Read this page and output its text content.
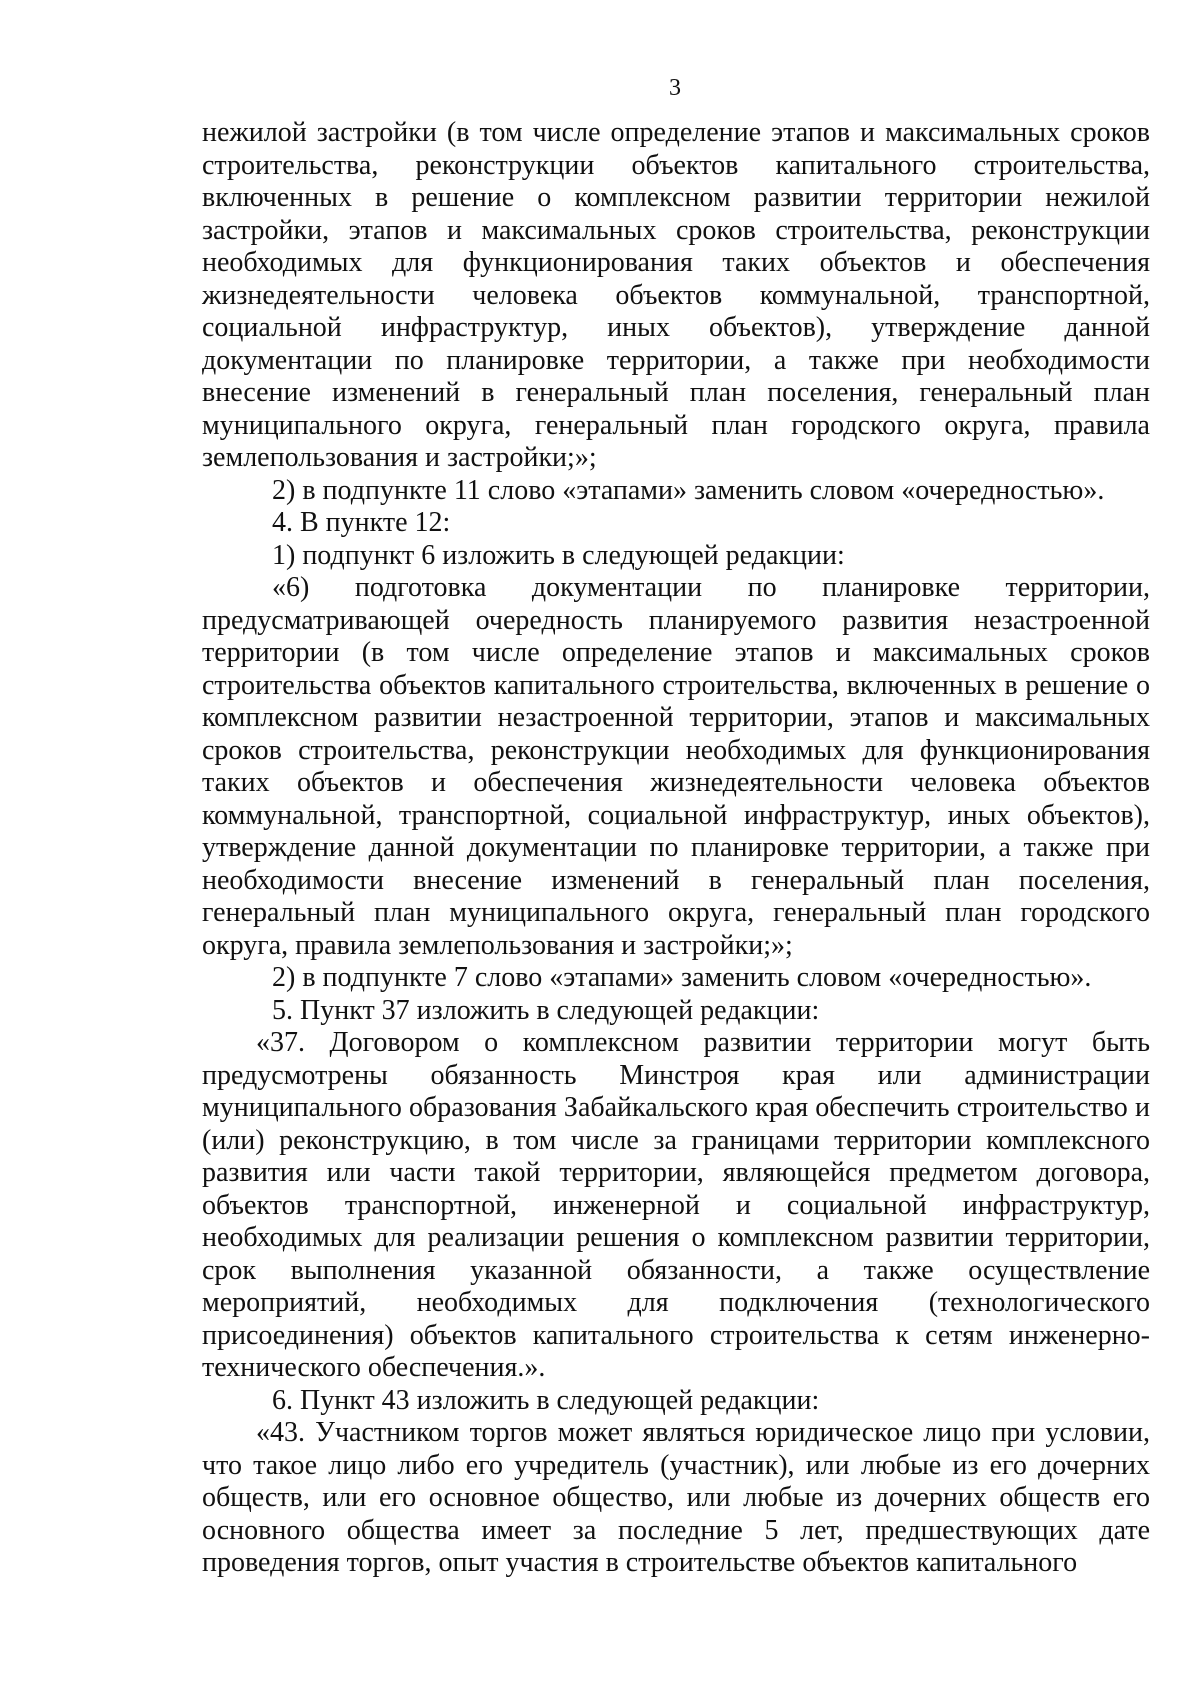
3

нежилой застройки (в том числе определение этапов и максимальных сроков строительства, реконструкции объектов капитального строительства, включенных в решение о комплексном развитии территории нежилой застройки, этапов и максимальных сроков строительства, реконструкции необходимых для функционирования таких объектов и обеспечения жизнедеятельности человека объектов коммунальной, транспортной, социальной инфраструктур, иных объектов), утверждение данной документации по планировке территории, а также при необходимости внесение изменений в генеральный план поселения, генеральный план муниципального округа, генеральный план городского округа, правила землепользования и застройки;»;

2) в подпункте 11 слово «этапами» заменить словом «очередностью».

4. В пункте 12:

1) подпункт 6 изложить в следующей редакции:

«6) подготовка документации по планировке территории, предусматривающей очередность планируемого развития незастроенной территории (в том числе определение этапов и максимальных сроков строительства объектов капитального строительства, включенных в решение о комплексном развитии незастроенной территории, этапов и максимальных сроков строительства, реконструкции необходимых для функционирования таких объектов и обеспечения жизнедеятельности человека объектов коммунальной, транспортной, социальной инфраструктур, иных объектов), утверждение данной документации по планировке территории, а также при необходимости внесение изменений в генеральный план поселения, генеральный план муниципального округа, генеральный план городского округа, правила землепользования и застройки;»;

2) в подпункте 7 слово «этапами» заменить словом «очередностью».

5. Пункт 37 изложить в следующей редакции:

«37. Договором о комплексном развитии территории могут быть предусмотрены обязанность Минстроя края или администрации муниципального образования Забайкальского края обеспечить строительство и (или) реконструкцию, в том числе за границами территории комплексного развития или части такой территории, являющейся предметом договора, объектов транспортной, инженерной и социальной инфраструктур, необходимых для реализации решения о комплексном развитии территории, срок выполнения указанной обязанности, а также осуществление мероприятий, необходимых для подключения (технологического присоединения) объектов капитального строительства к сетям инженерно-технического обеспечения.».

6. Пункт 43 изложить в следующей редакции:

«43. Участником торгов может являться юридическое лицо при условии, что такое лицо либо его учредитель (участник), или любые из его дочерних обществ, или его основное общество, или любые из дочерних обществ его основного общества имеет за последние 5 лет, предшествующих дате проведения торгов, опыт участия в строительстве объектов капитального
